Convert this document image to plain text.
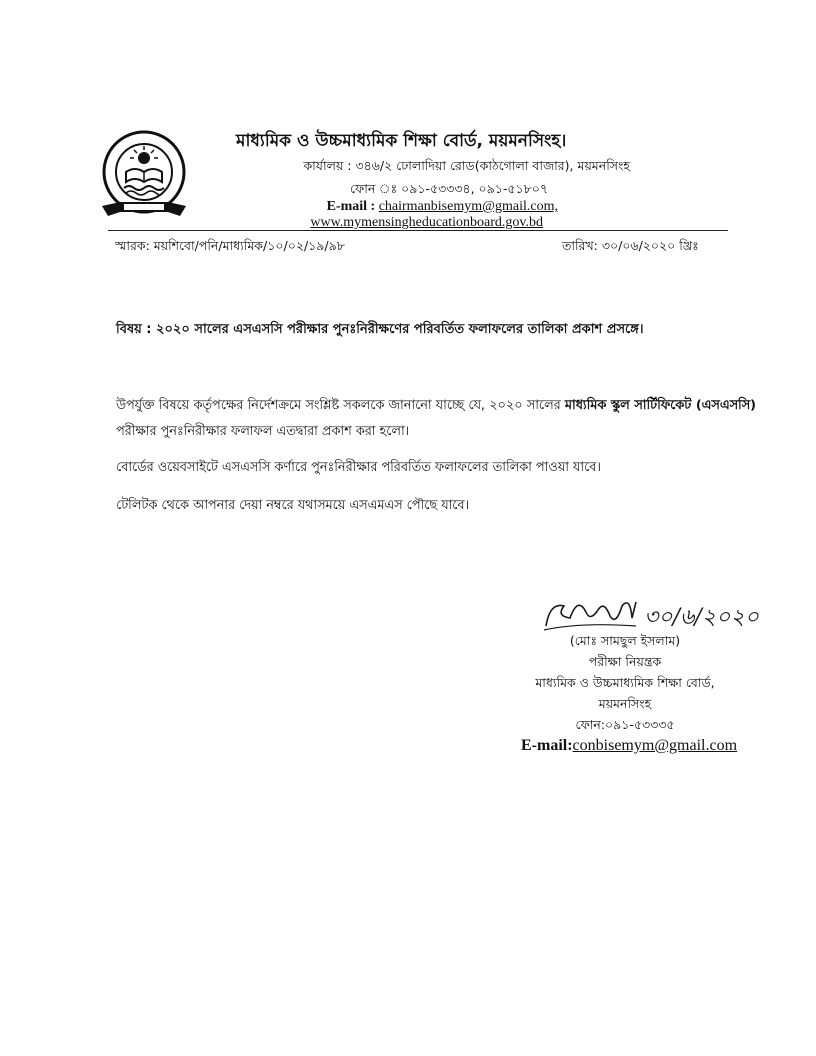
মাধ্যমিক ও উচ্চমাধ্যমিক শিক্ষা বোর্ড, ময়মনসিংহ।
কার্যালয় : ৩৪৬/২ ঢোলাদিয়া রোড(কাঠগোলা বাজার), ময়মনসিংহ
ফোন ঃ ০৯১-৫৩৩৩৪, ০৯১-৫১৮০৭
E-mail : chairmanbisemym@gmail.com,
www.mymensingheducationboard.gov.bd
স্মারক: ময়শিবো/পনি/মাধ্যমিক/১০/০২/১৯/৯৮	তারিখ: ৩০/০৬/২০২০ খ্রিঃ
বিষয় : ২০২০ সালের এসএসসি পরীক্ষার পুনঃনিরীক্ষণের পরিবর্তিত ফলাফলের তালিকা প্রকাশ প্রসঙ্গে।
উপর্যুক্ত বিষয়ে কর্তৃপক্ষের নির্দেশক্রমে সংশ্লিষ্ট সকলকে জানানো যাচ্ছে যে, ২০২০ সালের মাধ্যমিক স্কুল সার্টিফিকেট (এসএসসি) পরীক্ষার পুনঃনিরীক্ষার ফলাফল এতদ্বারা প্রকাশ করা হলো।
বোর্ডের ওয়েবসাইটে এসএসসি কর্ণারে পুনঃনিরীক্ষার পরিবর্তিত ফলাফলের তালিকা পাওয়া যাবে।
টেলিটক থেকে আপনার দেয়া নম্বরে যথাসময়ে এসএমএস পৌছে যাবে।
৩০/৬/২০২০
(মোঃ সামছুল ইসলাম)
পরীক্ষা নিয়ন্ত্রক
মাধ্যমিক ও উচ্চমাধ্যমিক শিক্ষা বোর্ড,
ময়মনসিংহ
ফোন:০৯১-৫৩৩৩৫
E-mail:conbisemym@gmail.com
